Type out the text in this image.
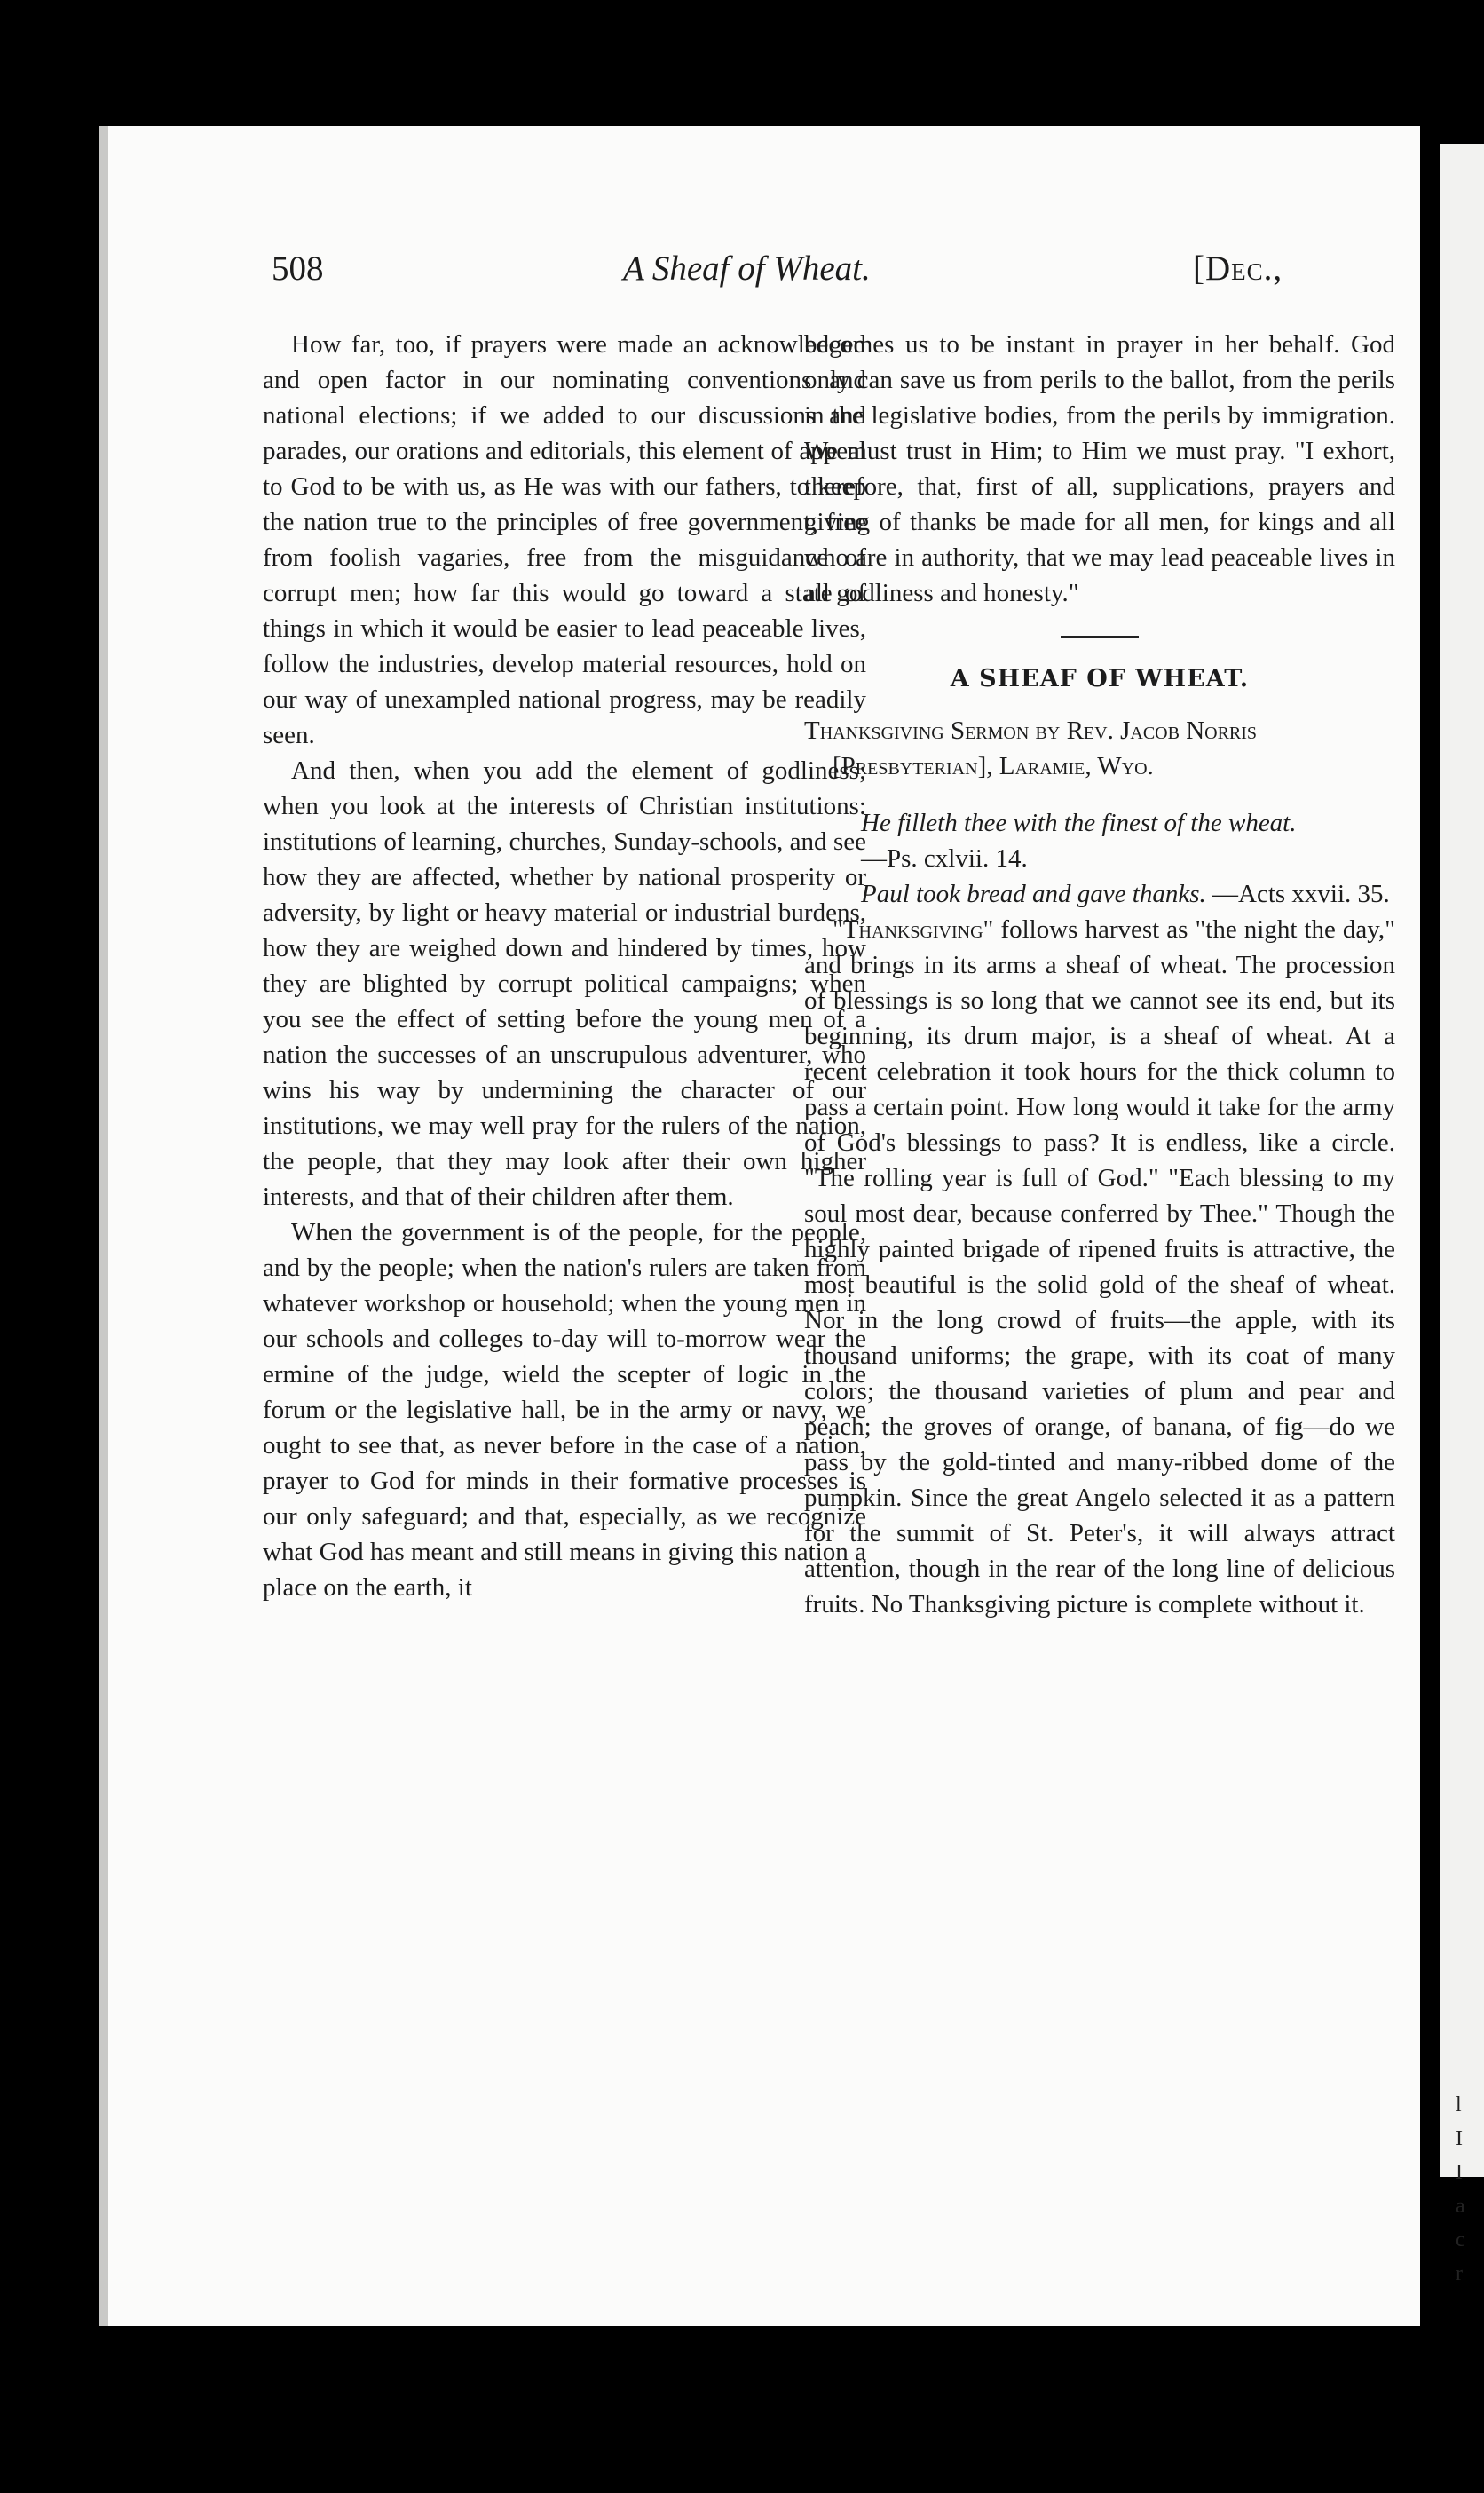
l
I
I
a
c
r
508	A Sheaf of Wheat.	[Dec.,

How far, too, if prayers were made an acknowledged and open factor in our nominating conventions and national elections; if we added to our discussions and parades, our orations and editorials, this element of appeal to God to be with us, as He was with our fathers, to keep the nation true to the principles of free government, free from foolish vagaries, free from the misguidance of corrupt men; how far this would go toward a state of things in which it would be easier to lead peaceable lives, follow the industries, develop material resources, hold on our way of unexampled national progress, may be readily seen.

And then, when you add the element of godliness; when you look at the interests of Christian institutions: institutions of learning, churches, Sunday-schools, and see how they are affected, whether by national prosperity or adversity, by light or heavy material or industrial burdens, how they are weighed down and hindered by times, how they are blighted by corrupt political campaigns; when you see the effect of setting before the young men of a nation the successes of an unscrupulous adventurer, who wins his way by undermining the character of our institutions, we may well pray for the rulers of the nation, the people, that they may look after their own higher interests, and that of their children after them.

When the government is of the people, for the people, and by the people; when the nation's rulers are taken from whatever workshop or household; when the young men in our schools and colleges to-day will to-morrow wear the ermine of the judge, wield the scepter of logic in the forum or the legislative hall, be in the army or navy, we ought to see that, as never before in the case of a nation, prayer to God for minds in their formative processes is our only safeguard; and that, especially, as we recognize what God has meant and still means in giving this nation a place on the earth, it

becomes us to be instant in prayer in her behalf. God only can save us from perils to the ballot, from the perils in the legislative bodies, from the perils by immigration. We must trust in Him; to Him we must pray. "I exhort, therefore, that, first of all, supplications, prayers and giving of thanks be made for all men, for kings and all who are in authority, that we may lead peaceable lives in all godliness and honesty."

A SHEAF OF WHEAT.
Thanksgiving Sermon by Rev. Jacob Norris [Presbyterian], Laramie, Wyo.

He filleth thee with the finest of the wheat.
—Ps. cxlvii. 14.

Paul took bread and gave thanks. —Acts xxvii. 35.

"Thanksgiving" follows harvest as "the night the day," and brings in its arms a sheaf of wheat. The procession of blessings is so long that we cannot see its end, but its beginning, its drum major, is a sheaf of wheat. At a recent celebration it took hours for the thick column to pass a certain point. How long would it take for the army of God's blessings to pass? It is endless, like a circle. "The rolling year is full of God." "Each blessing to my soul most dear, because conferred by Thee." Though the highly painted brigade of ripened fruits is attractive, the most beautiful is the solid gold of the sheaf of wheat. Nor in the long crowd of fruits—the apple, with its thousand uniforms; the grape, with its coat of many colors; the thousand varieties of plum and pear and peach; the groves of orange, of banana, of fig—do we pass by the gold-tinted and many-ribbed dome of the pumpkin. Since the great Angelo selected it as a pattern for the summit of St. Peter's, it will always attract attention, though in the rear of the long line of delicious fruits. No Thanksgiving picture is complete without it.
